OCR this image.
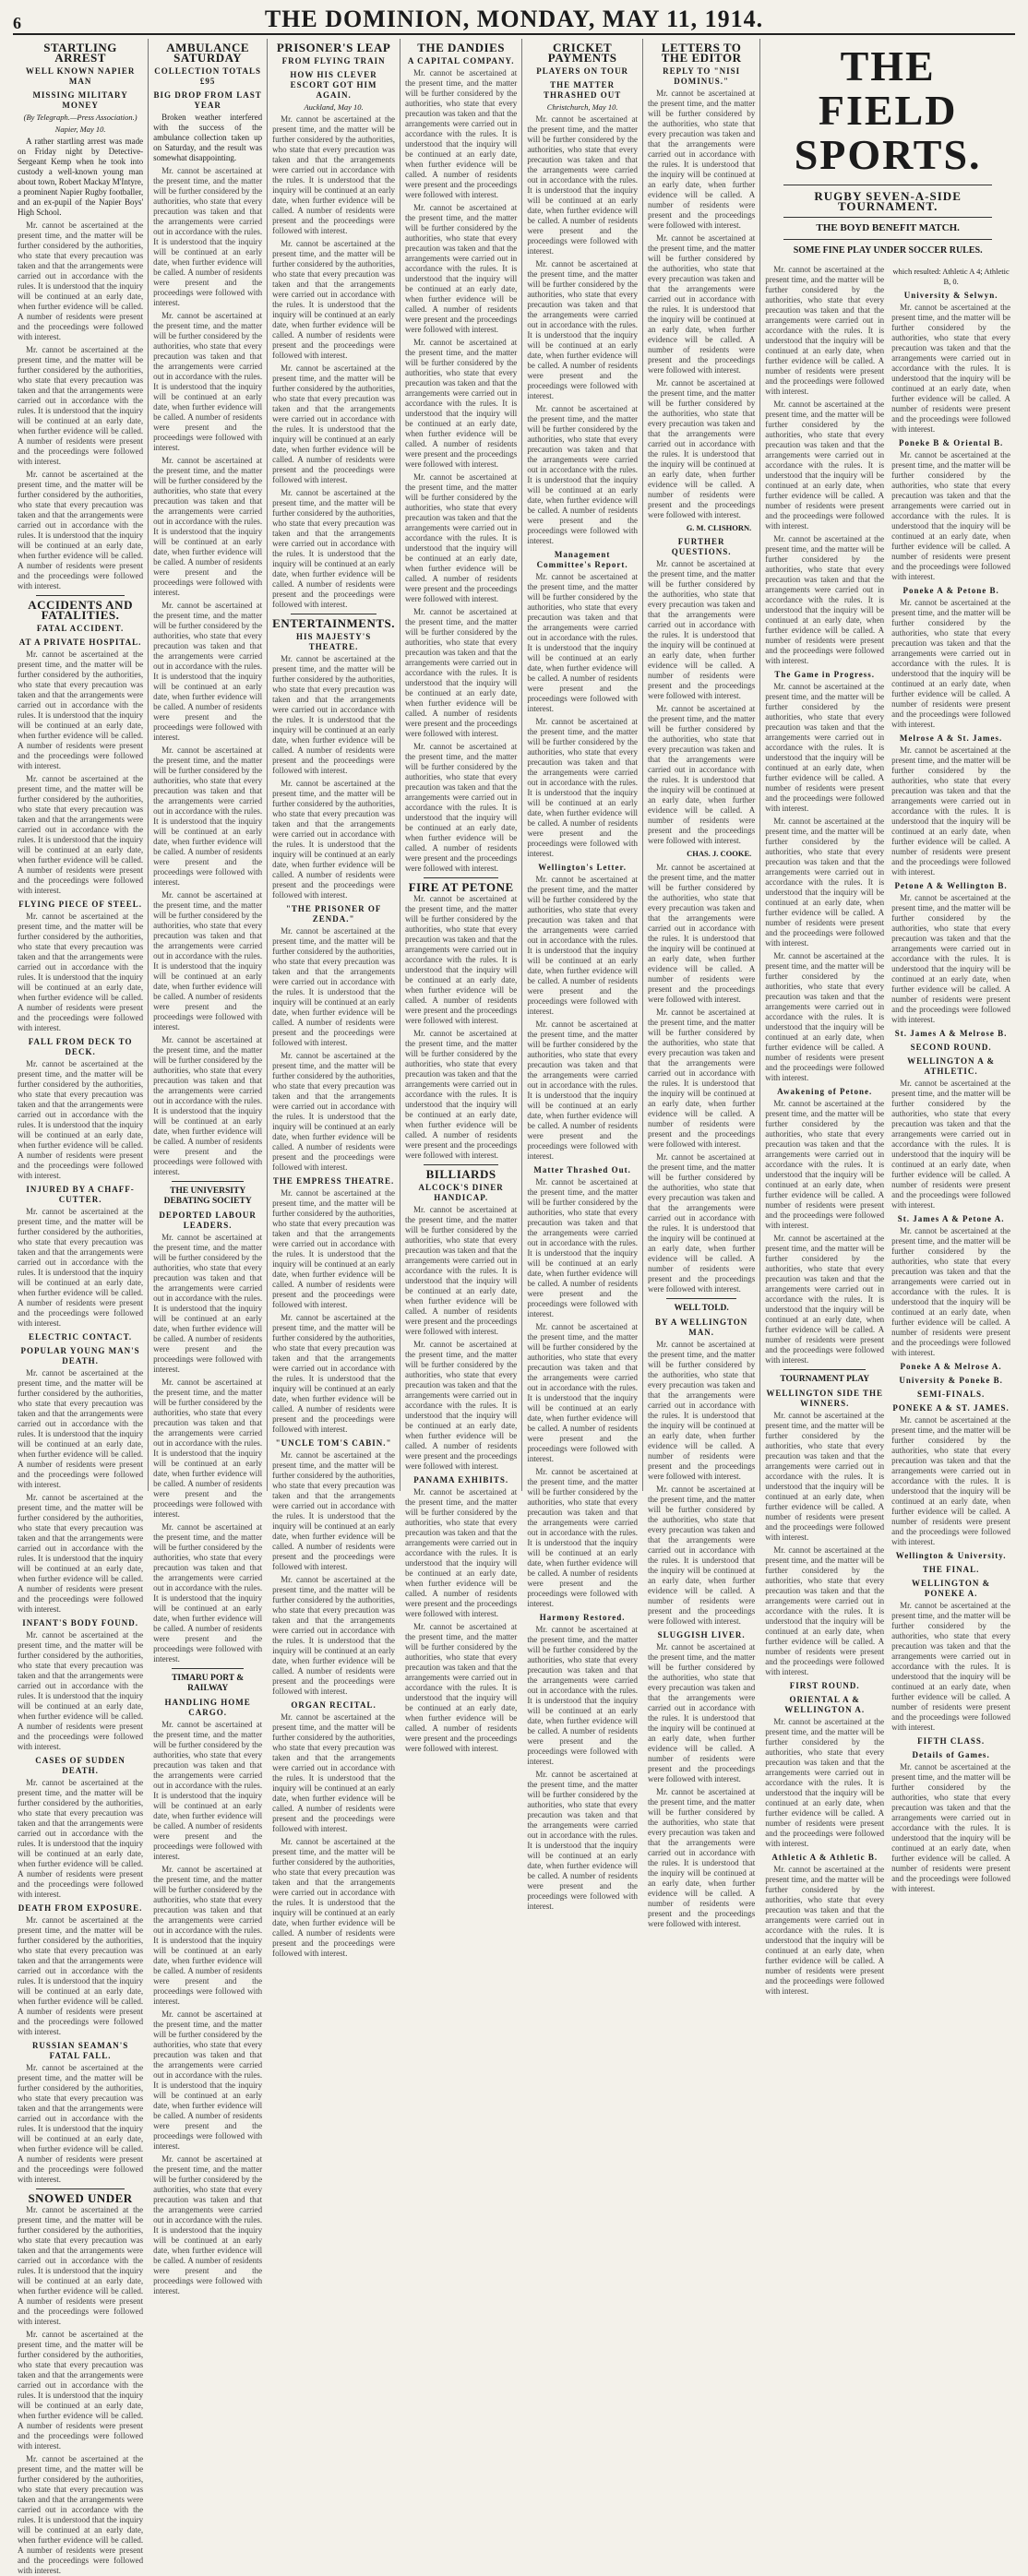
6	THE DOMINION, MONDAY, MAY 11, 1914.
STARTLING ARREST
WELL KNOWN NAPIER MAN
MISSING MILITARY MONEY
(By Telegraph.—Press Association.)
Napier, May 10.

A rather startling arrest was made on Friday night by Detective-Sergeant Kemp when he took into custody a well-known young man about town, Robert Mackay M'Intyre, a prominent Napier Rugby footballer, and an ex-pupil of the Napier Boys' High School.

Mr. cannot be ascertained at the present time, and the matter will be further considered by the authorities, who state that every precaution was taken and that the arrangements were carried out in accordance with the rules. It is understood that the inquiry will be continued at an early date, when further evidence will be called. A number of residents were present and the proceedings were followed with interest.

Mr. cannot be ascertained at the present time, and the matter will be further considered by the authorities, who state that every precaution was taken and that the arrangements were carried out in accordance with the rules. It is understood that the inquiry will be continued at an early date, when further evidence will be called. A number of residents were present and the proceedings were followed with interest.

Mr. cannot be ascertained at the present time, and the matter will be further considered by the authorities, who state that every precaution was taken and that the arrangements were carried out in accordance with the rules. It is understood that the inquiry will be continued at an early date, when further evidence will be called. A number of residents were present and the proceedings were followed with interest.

ACCIDENTS AND FATALITIES.
FATAL ACCIDENT.
AT A PRIVATE HOSPITAL.

Mr. cannot be ascertained at the present time, and the matter will be further considered by the authorities, who state that every precaution was taken and that the arrangements were carried out in accordance with the rules. It is understood that the inquiry will be continued at an early date, when further evidence will be called. A number of residents were present and the proceedings were followed with interest.

Mr. cannot be ascertained at the present time, and the matter will be further considered by the authorities, who state that every precaution was taken and that the arrangements were carried out in accordance with the rules. It is understood that the inquiry will be continued at an early date, when further evidence will be called. A number of residents were present and the proceedings were followed with interest.

FLYING PIECE OF STEEL.

Mr. cannot be ascertained at the present time, and the matter will be further considered by the authorities, who state that every precaution was taken and that the arrangements were carried out in accordance with the rules. It is understood that the inquiry will be continued at an early date, when further evidence will be called. A number of residents were present and the proceedings were followed with interest.

FALL FROM DECK TO DECK.

Mr. cannot be ascertained at the present time, and the matter will be further considered by the authorities, who state that every precaution was taken and that the arrangements were carried out in accordance with the rules. It is understood that the inquiry will be continued at an early date, when further evidence will be called. A number of residents were present and the proceedings were followed with interest.

INJURED BY A CHAFF-CUTTER.

Mr. cannot be ascertained at the present time, and the matter will be further considered by the authorities, who state that every precaution was taken and that the arrangements were carried out in accordance with the rules. It is understood that the inquiry will be continued at an early date, when further evidence will be called. A number of residents were present and the proceedings were followed with interest.

ELECTRIC CONTACT.
POPULAR YOUNG MAN'S DEATH.

Mr. cannot be ascertained at the present time, and the matter will be further considered by the authorities, who state that every precaution was taken and that the arrangements were carried out in accordance with the rules. It is understood that the inquiry will be continued at an early date, when further evidence will be called. A number of residents were present and the proceedings were followed with interest.

Mr. cannot be ascertained at the present time, and the matter will be further considered by the authorities, who state that every precaution was taken and that the arrangements were carried out in accordance with the rules. It is understood that the inquiry will be continued at an early date, when further evidence will be called. A number of residents were present and the proceedings were followed with interest.

INFANT'S BODY FOUND.

Mr. cannot be ascertained at the present time, and the matter will be further considered by the authorities, who state that every precaution was taken and that the arrangements were carried out in accordance with the rules. It is understood that the inquiry will be continued at an early date, when further evidence will be called. A number of residents were present and the proceedings were followed with interest.

CASES OF SUDDEN DEATH.

Mr. cannot be ascertained at the present time, and the matter will be further considered by the authorities, who state that every precaution was taken and that the arrangements were carried out in accordance with the rules. It is understood that the inquiry will be continued at an early date, when further evidence will be called. A number of residents were present and the proceedings were followed with interest.

DEATH FROM EXPOSURE.

Mr. cannot be ascertained at the present time, and the matter will be further considered by the authorities, who state that every precaution was taken and that the arrangements were carried out in accordance with the rules. It is understood that the inquiry will be continued at an early date, when further evidence will be called. A number of residents were present and the proceedings were followed with interest.

RUSSIAN SEAMAN'S FATAL FALL.

Mr. cannot be ascertained at the present time, and the matter will be further considered by the authorities, who state that every precaution was taken and that the arrangements were carried out in accordance with the rules. It is understood that the inquiry will be continued at an early date, when further evidence will be called. A number of residents were present and the proceedings were followed with interest.

SNOWED UNDER

Mr. cannot be ascertained at the present time, and the matter will be further considered by the authorities, who state that every precaution was taken and that the arrangements were carried out in accordance with the rules. It is understood that the inquiry will be continued at an early date, when further evidence will be called. A number of residents were present and the proceedings were followed with interest.

Mr. cannot be ascertained at the present time, and the matter will be further considered by the authorities, who state that every precaution was taken and that the arrangements were carried out in accordance with the rules. It is understood that the inquiry will be continued at an early date, when further evidence will be called. A number of residents were present and the proceedings were followed with interest.

Mr. cannot be ascertained at the present time, and the matter will be further considered by the authorities, who state that every precaution was taken and that the arrangements were carried out in accordance with the rules. It is understood that the inquiry will be continued at an early date, when further evidence will be called. A number of residents were present and the proceedings were followed with interest.

AMBULANCE SATURDAY
COLLECTION TOTALS £95
BIG DROP FROM LAST YEAR

Broken weather interfered with the success of the ambulance collection taken up on Saturday, and the result was somewhat disappointing.

Mr. cannot be ascertained at the present time, and the matter will be further considered by the authorities, who state that every precaution was taken and that the arrangements were carried out in accordance with the rules. It is understood that the inquiry will be continued at an early date, when further evidence will be called. A number of residents were present and the proceedings were followed with interest.

Mr. cannot be ascertained at the present time, and the matter will be further considered by the authorities, who state that every precaution was taken and that the arrangements were carried out in accordance with the rules. It is understood that the inquiry will be continued at an early date, when further evidence will be called. A number of residents were present and the proceedings were followed with interest.

Mr. cannot be ascertained at the present time, and the matter will be further considered by the authorities, who state that every precaution was taken and that the arrangements were carried out in accordance with the rules. It is understood that the inquiry will be continued at an early date, when further evidence will be called. A number of residents were present and the proceedings were followed with interest.

Mr. cannot be ascertained at the present time, and the matter will be further considered by the authorities, who state that every precaution was taken and that the arrangements were carried out in accordance with the rules. It is understood that the inquiry will be continued at an early date, when further evidence will be called. A number of residents were present and the proceedings were followed with interest.

Mr. cannot be ascertained at the present time, and the matter will be further considered by the authorities, who state that every precaution was taken and that the arrangements were carried out in accordance with the rules. It is understood that the inquiry will be continued at an early date, when further evidence will be called. A number of residents were present and the proceedings were followed with interest.

Mr. cannot be ascertained at the present time, and the matter will be further considered by the authorities, who state that every precaution was taken and that the arrangements were carried out in accordance with the rules. It is understood that the inquiry will be continued at an early date, when further evidence will be called. A number of residents were present and the proceedings were followed with interest.

Mr. cannot be ascertained at the present time, and the matter will be further considered by the authorities, who state that every precaution was taken and that the arrangements were carried out in accordance with the rules. It is understood that the inquiry will be continued at an early date, when further evidence will be called. A number of residents were present and the proceedings were followed with interest.

THE UNIVERSITY DEBATING SOCIETY
DEPORTED LABOUR LEADERS.

Mr. cannot be ascertained at the present time, and the matter will be further considered by the authorities, who state that every precaution was taken and that the arrangements were carried out in accordance with the rules. It is understood that the inquiry will be continued at an early date, when further evidence will be called. A number of residents were present and the proceedings were followed with interest.

Mr. cannot be ascertained at the present time, and the matter will be further considered by the authorities, who state that every precaution was taken and that the arrangements were carried out in accordance with the rules. It is understood that the inquiry will be continued at an early date, when further evidence will be called. A number of residents were present and the proceedings were followed with interest.

Mr. cannot be ascertained at the present time, and the matter will be further considered by the authorities, who state that every precaution was taken and that the arrangements were carried out in accordance with the rules. It is understood that the inquiry will be continued at an early date, when further evidence will be called. A number of residents were present and the proceedings were followed with interest.

TIMARU PORT & RAILWAY
HANDLING HOME CARGO.

Mr. cannot be ascertained at the present time, and the matter will be further considered by the authorities, who state that every precaution was taken and that the arrangements were carried out in accordance with the rules. It is understood that the inquiry will be continued at an early date, when further evidence will be called. A number of residents were present and the proceedings were followed with interest.

Mr. cannot be ascertained at the present time, and the matter will be further considered by the authorities, who state that every precaution was taken and that the arrangements were carried out in accordance with the rules. It is understood that the inquiry will be continued at an early date, when further evidence will be called. A number of residents were present and the proceedings were followed with interest.

Mr. cannot be ascertained at the present time, and the matter will be further considered by the authorities, who state that every precaution was taken and that the arrangements were carried out in accordance with the rules. It is understood that the inquiry will be continued at an early date, when further evidence will be called. A number of residents were present and the proceedings were followed with interest.

Mr. cannot be ascertained at the present time, and the matter will be further considered by the authorities, who state that every precaution was taken and that the arrangements were carried out in accordance with the rules. It is understood that the inquiry will be continued at an early date, when further evidence will be called. A number of residents were present and the proceedings were followed with interest.

PRISONER'S LEAP
FROM FLYING TRAIN
HOW HIS CLEVER ESCORT GOT HIM AGAIN.
Auckland, May 10.

Mr. cannot be ascertained at the present time, and the matter will be further considered by the authorities, who state that every precaution was taken and that the arrangements were carried out in accordance with the rules. It is understood that the inquiry will be continued at an early date, when further evidence will be called. A number of residents were present and the proceedings were followed with interest.

Mr. cannot be ascertained at the present time, and the matter will be further considered by the authorities, who state that every precaution was taken and that the arrangements were carried out in accordance with the rules. It is understood that the inquiry will be continued at an early date, when further evidence will be called. A number of residents were present and the proceedings were followed with interest.

Mr. cannot be ascertained at the present time, and the matter will be further considered by the authorities, who state that every precaution was taken and that the arrangements were carried out in accordance with the rules. It is understood that the inquiry will be continued at an early date, when further evidence will be called. A number of residents were present and the proceedings were followed with interest.

Mr. cannot be ascertained at the present time, and the matter will be further considered by the authorities, who state that every precaution was taken and that the arrangements were carried out in accordance with the rules. It is understood that the inquiry will be continued at an early date, when further evidence will be called. A number of residents were present and the proceedings were followed with interest.

ENTERTAINMENTS.
HIS MAJESTY'S THEATRE.

Mr. cannot be ascertained at the present time, and the matter will be further considered by the authorities, who state that every precaution was taken and that the arrangements were carried out in accordance with the rules. It is understood that the inquiry will be continued at an early date, when further evidence will be called. A number of residents were present and the proceedings were followed with interest.

Mr. cannot be ascertained at the present time, and the matter will be further considered by the authorities, who state that every precaution was taken and that the arrangements were carried out in accordance with the rules. It is understood that the inquiry will be continued at an early date, when further evidence will be called. A number of residents were present and the proceedings were followed with interest.

"THE PRISONER OF ZENDA."

Mr. cannot be ascertained at the present time, and the matter will be further considered by the authorities, who state that every precaution was taken and that the arrangements were carried out in accordance with the rules. It is understood that the inquiry will be continued at an early date, when further evidence will be called. A number of residents were present and the proceedings were followed with interest.

Mr. cannot be ascertained at the present time, and the matter will be further considered by the authorities, who state that every precaution was taken and that the arrangements were carried out in accordance with the rules. It is understood that the inquiry will be continued at an early date, when further evidence will be called. A number of residents were present and the proceedings were followed with interest.

THE EMPRESS THEATRE.

Mr. cannot be ascertained at the present time, and the matter will be further considered by the authorities, who state that every precaution was taken and that the arrangements were carried out in accordance with the rules. It is understood that the inquiry will be continued at an early date, when further evidence will be called. A number of residents were present and the proceedings were followed with interest.

Mr. cannot be ascertained at the present time, and the matter will be further considered by the authorities, who state that every precaution was taken and that the arrangements were carried out in accordance with the rules. It is understood that the inquiry will be continued at an early date, when further evidence will be called. A number of residents were present and the proceedings were followed with interest.

"UNCLE TOM'S CABIN."

Mr. cannot be ascertained at the present time, and the matter will be further considered by the authorities, who state that every precaution was taken and that the arrangements were carried out in accordance with the rules. It is understood that the inquiry will be continued at an early date, when further evidence will be called. A number of residents were present and the proceedings were followed with interest.

Mr. cannot be ascertained at the present time, and the matter will be further considered by the authorities, who state that every precaution was taken and that the arrangements were carried out in accordance with the rules. It is understood that the inquiry will be continued at an early date, when further evidence will be called. A number of residents were present and the proceedings were followed with interest.

ORGAN RECITAL.

Mr. cannot be ascertained at the present time, and the matter will be further considered by the authorities, who state that every precaution was taken and that the arrangements were carried out in accordance with the rules. It is understood that the inquiry will be continued at an early date, when further evidence will be called. A number of residents were present and the proceedings were followed with interest.

Mr. cannot be ascertained at the present time, and the matter will be further considered by the authorities, who state that every precaution was taken and that the arrangements were carried out in accordance with the rules. It is understood that the inquiry will be continued at an early date, when further evidence will be called. A number of residents were present and the proceedings were followed with interest.

THE DANDIES
A CAPITAL COMPANY.

Mr. cannot be ascertained at the present time, and the matter will be further considered by the authorities, who state that every precaution was taken and that the arrangements were carried out in accordance with the rules. It is understood that the inquiry will be continued at an early date, when further evidence will be called. A number of residents were present and the proceedings were followed with interest.

Mr. cannot be ascertained at the present time, and the matter will be further considered by the authorities, who state that every precaution was taken and that the arrangements were carried out in accordance with the rules. It is understood that the inquiry will be continued at an early date, when further evidence will be called. A number of residents were present and the proceedings were followed with interest.

Mr. cannot be ascertained at the present time, and the matter will be further considered by the authorities, who state that every precaution was taken and that the arrangements were carried out in accordance with the rules. It is understood that the inquiry will be continued at an early date, when further evidence will be called. A number of residents were present and the proceedings were followed with interest.

Mr. cannot be ascertained at the present time, and the matter will be further considered by the authorities, who state that every precaution was taken and that the arrangements were carried out in accordance with the rules. It is understood that the inquiry will be continued at an early date, when further evidence will be called. A number of residents were present and the proceedings were followed with interest.

Mr. cannot be ascertained at the present time, and the matter will be further considered by the authorities, who state that every precaution was taken and that the arrangements were carried out in accordance with the rules. It is understood that the inquiry will be continued at an early date, when further evidence will be called. A number of residents were present and the proceedings were followed with interest.

Mr. cannot be ascertained at the present time, and the matter will be further considered by the authorities, who state that every precaution was taken and that the arrangements were carried out in accordance with the rules. It is understood that the inquiry will be continued at an early date, when further evidence will be called. A number of residents were present and the proceedings were followed with interest.

FIRE AT PETONE

Mr. cannot be ascertained at the present time, and the matter will be further considered by the authorities, who state that every precaution was taken and that the arrangements were carried out in accordance with the rules. It is understood that the inquiry will be continued at an early date, when further evidence will be called. A number of residents were present and the proceedings were followed with interest.

Mr. cannot be ascertained at the present time, and the matter will be further considered by the authorities, who state that every precaution was taken and that the arrangements were carried out in accordance with the rules. It is understood that the inquiry will be continued at an early date, when further evidence will be called. A number of residents were present and the proceedings were followed with interest.

BILLIARDS
ALCOCK'S DINER HANDICAP.

Mr. cannot be ascertained at the present time, and the matter will be further considered by the authorities, who state that every precaution was taken and that the arrangements were carried out in accordance with the rules. It is understood that the inquiry will be continued at an early date, when further evidence will be called. A number of residents were present and the proceedings were followed with interest.

Mr. cannot be ascertained at the present time, and the matter will be further considered by the authorities, who state that every precaution was taken and that the arrangements were carried out in accordance with the rules. It is understood that the inquiry will be continued at an early date, when further evidence will be called. A number of residents were present and the proceedings were followed with interest.

PANAMA EXHIBITS.

Mr. cannot be ascertained at the present time, and the matter will be further considered by the authorities, who state that every precaution was taken and that the arrangements were carried out in accordance with the rules. It is understood that the inquiry will be continued at an early date, when further evidence will be called. A number of residents were present and the proceedings were followed with interest.

Mr. cannot be ascertained at the present time, and the matter will be further considered by the authorities, who state that every precaution was taken and that the arrangements were carried out in accordance with the rules. It is understood that the inquiry will be continued at an early date, when further evidence will be called. A number of residents were present and the proceedings were followed with interest.

CRICKET PAYMENTS
PLAYERS ON TOUR
THE MATTER THRASHED OUT
Christchurch, May 10.

Mr. cannot be ascertained at the present time, and the matter will be further considered by the authorities, who state that every precaution was taken and that the arrangements were carried out in accordance with the rules. It is understood that the inquiry will be continued at an early date, when further evidence will be called. A number of residents were present and the proceedings were followed with interest.

Mr. cannot be ascertained at the present time, and the matter will be further considered by the authorities, who state that every precaution was taken and that the arrangements were carried out in accordance with the rules. It is understood that the inquiry will be continued at an early date, when further evidence will be called. A number of residents were present and the proceedings were followed with interest.

Mr. cannot be ascertained at the present time, and the matter will be further considered by the authorities, who state that every precaution was taken and that the arrangements were carried out in accordance with the rules. It is understood that the inquiry will be continued at an early date, when further evidence will be called. A number of residents were present and the proceedings were followed with interest.

Management Committee's Report.

Mr. cannot be ascertained at the present time, and the matter will be further considered by the authorities, who state that every precaution was taken and that the arrangements were carried out in accordance with the rules. It is understood that the inquiry will be continued at an early date, when further evidence will be called. A number of residents were present and the proceedings were followed with interest.

Mr. cannot be ascertained at the present time, and the matter will be further considered by the authorities, who state that every precaution was taken and that the arrangements were carried out in accordance with the rules. It is understood that the inquiry will be continued at an early date, when further evidence will be called. A number of residents were present and the proceedings were followed with interest.

Wellington's Letter.

Mr. cannot be ascertained at the present time, and the matter will be further considered by the authorities, who state that every precaution was taken and that the arrangements were carried out in accordance with the rules. It is understood that the inquiry will be continued at an early date, when further evidence will be called. A number of residents were present and the proceedings were followed with interest.

Mr. cannot be ascertained at the present time, and the matter will be further considered by the authorities, who state that every precaution was taken and that the arrangements were carried out in accordance with the rules. It is understood that the inquiry will be continued at an early date, when further evidence will be called. A number of residents were present and the proceedings were followed with interest.

Matter Thrashed Out.

Mr. cannot be ascertained at the present time, and the matter will be further considered by the authorities, who state that every precaution was taken and that the arrangements were carried out in accordance with the rules. It is understood that the inquiry will be continued at an early date, when further evidence will be called. A number of residents were present and the proceedings were followed with interest.

Mr. cannot be ascertained at the present time, and the matter will be further considered by the authorities, who state that every precaution was taken and that the arrangements were carried out in accordance with the rules. It is understood that the inquiry will be continued at an early date, when further evidence will be called. A number of residents were present and the proceedings were followed with interest.

Mr. cannot be ascertained at the present time, and the matter will be further considered by the authorities, who state that every precaution was taken and that the arrangements were carried out in accordance with the rules. It is understood that the inquiry will be continued at an early date, when further evidence will be called. A number of residents were present and the proceedings were followed with interest.

Harmony Restored.

Mr. cannot be ascertained at the present time, and the matter will be further considered by the authorities, who state that every precaution was taken and that the arrangements were carried out in accordance with the rules. It is understood that the inquiry will be continued at an early date, when further evidence will be called. A number of residents were present and the proceedings were followed with interest.

Mr. cannot be ascertained at the present time, and the matter will be further considered by the authorities, who state that every precaution was taken and that the arrangements were carried out in accordance with the rules. It is understood that the inquiry will be continued at an early date, when further evidence will be called. A number of residents were present and the proceedings were followed with interest.

LETTERS TO THE EDITOR
REPLY TO "NISI DOMINUS."

Mr. cannot be ascertained at the present time, and the matter will be further considered by the authorities, who state that every precaution was taken and that the arrangements were carried out in accordance with the rules. It is understood that the inquiry will be continued at an early date, when further evidence will be called. A number of residents were present and the proceedings were followed with interest.

Mr. cannot be ascertained at the present time, and the matter will be further considered by the authorities, who state that every precaution was taken and that the arrangements were carried out in accordance with the rules. It is understood that the inquiry will be continued at an early date, when further evidence will be called. A number of residents were present and the proceedings were followed with interest.

Mr. cannot be ascertained at the present time, and the matter will be further considered by the authorities, who state that every precaution was taken and that the arrangements were carried out in accordance with the rules. It is understood that the inquiry will be continued at an early date, when further evidence will be called. A number of residents were present and the proceedings were followed with interest.

G. M. CLISHORN.
FURTHER QUESTIONS.

Mr. cannot be ascertained at the present time, and the matter will be further considered by the authorities, who state that every precaution was taken and that the arrangements were carried out in accordance with the rules. It is understood that the inquiry will be continued at an early date, when further evidence will be called. A number of residents were present and the proceedings were followed with interest.

Mr. cannot be ascertained at the present time, and the matter will be further considered by the authorities, who state that every precaution was taken and that the arrangements were carried out in accordance with the rules. It is understood that the inquiry will be continued at an early date, when further evidence will be called. A number of residents were present and the proceedings were followed with interest.

CHAS. J. COOKE.

Mr. cannot be ascertained at the present time, and the matter will be further considered by the authorities, who state that every precaution was taken and that the arrangements were carried out in accordance with the rules. It is understood that the inquiry will be continued at an early date, when further evidence will be called. A number of residents were present and the proceedings were followed with interest.

Mr. cannot be ascertained at the present time, and the matter will be further considered by the authorities, who state that every precaution was taken and that the arrangements were carried out in accordance with the rules. It is understood that the inquiry will be continued at an early date, when further evidence will be called. A number of residents were present and the proceedings were followed with interest.

Mr. cannot be ascertained at the present time, and the matter will be further considered by the authorities, who state that every precaution was taken and that the arrangements were carried out in accordance with the rules. It is understood that the inquiry will be continued at an early date, when further evidence will be called. A number of residents were present and the proceedings were followed with interest.

WELL TOLD.
BY A WELLINGTON MAN.

Mr. cannot be ascertained at the present time, and the matter will be further considered by the authorities, who state that every precaution was taken and that the arrangements were carried out in accordance with the rules. It is understood that the inquiry will be continued at an early date, when further evidence will be called. A number of residents were present and the proceedings were followed with interest.

Mr. cannot be ascertained at the present time, and the matter will be further considered by the authorities, who state that every precaution was taken and that the arrangements were carried out in accordance with the rules. It is understood that the inquiry will be continued at an early date, when further evidence will be called. A number of residents were present and the proceedings were followed with interest.

SLUGGISH LIVER.

Mr. cannot be ascertained at the present time, and the matter will be further considered by the authorities, who state that every precaution was taken and that the arrangements were carried out in accordance with the rules. It is understood that the inquiry will be continued at an early date, when further evidence will be called. A number of residents were present and the proceedings were followed with interest.

Mr. cannot be ascertained at the present time, and the matter will be further considered by the authorities, who state that every precaution was taken and that the arrangements were carried out in accordance with the rules. It is understood that the inquiry will be continued at an early date, when further evidence will be called. A number of residents were present and the proceedings were followed with interest.

THE FIELD SPORTS.
RUGBY SEVEN-A-SIDE TOURNAMENT.
THE BOYD BENEFIT MATCH.
SOME FINE PLAY UNDER SOCCER RULES.

Mr. cannot be ascertained at the present time, and the matter will be further considered by the authorities, who state that every precaution was taken and that the arrangements were carried out in accordance with the rules. It is understood that the inquiry will be continued at an early date, when further evidence will be called. A number of residents were present and the proceedings were followed with interest.

Mr. cannot be ascertained at the present time, and the matter will be further considered by the authorities, who state that every precaution was taken and that the arrangements were carried out in accordance with the rules. It is understood that the inquiry will be continued at an early date, when further evidence will be called. A number of residents were present and the proceedings were followed with interest.

Mr. cannot be ascertained at the present time, and the matter will be further considered by the authorities, who state that every precaution was taken and that the arrangements were carried out in accordance with the rules. It is understood that the inquiry will be continued at an early date, when further evidence will be called. A number of residents were present and the proceedings were followed with interest.

The Game in Progress.

Mr. cannot be ascertained at the present time, and the matter will be further considered by the authorities, who state that every precaution was taken and that the arrangements were carried out in accordance with the rules. It is understood that the inquiry will be continued at an early date, when further evidence will be called. A number of residents were present and the proceedings were followed with interest.

Mr. cannot be ascertained at the present time, and the matter will be further considered by the authorities, who state that every precaution was taken and that the arrangements were carried out in accordance with the rules. It is understood that the inquiry will be continued at an early date, when further evidence will be called. A number of residents were present and the proceedings were followed with interest.

Mr. cannot be ascertained at the present time, and the matter will be further considered by the authorities, who state that every precaution was taken and that the arrangements were carried out in accordance with the rules. It is understood that the inquiry will be continued at an early date, when further evidence will be called. A number of residents were present and the proceedings were followed with interest.

Awakening of Petone.

Mr. cannot be ascertained at the present time, and the matter will be further considered by the authorities, who state that every precaution was taken and that the arrangements were carried out in accordance with the rules. It is understood that the inquiry will be continued at an early date, when further evidence will be called. A number of residents were present and the proceedings were followed with interest.

Mr. cannot be ascertained at the present time, and the matter will be further considered by the authorities, who state that every precaution was taken and that the arrangements were carried out in accordance with the rules. It is understood that the inquiry will be continued at an early date, when further evidence will be called. A number of residents were present and the proceedings were followed with interest.

TOURNAMENT PLAY
WELLINGTON SIDE THE WINNERS.

Mr. cannot be ascertained at the present time, and the matter will be further considered by the authorities, who state that every precaution was taken and that the arrangements were carried out in accordance with the rules. It is understood that the inquiry will be continued at an early date, when further evidence will be called. A number of residents were present and the proceedings were followed with interest.

Mr. cannot be ascertained at the present time, and the matter will be further considered by the authorities, who state that every precaution was taken and that the arrangements were carried out in accordance with the rules. It is understood that the inquiry will be continued at an early date, when further evidence will be called. A number of residents were present and the proceedings were followed with interest.

FIRST ROUND.
ORIENTAL A & WELLINGTON A.

Mr. cannot be ascertained at the present time, and the matter will be further considered by the authorities, who state that every precaution was taken and that the arrangements were carried out in accordance with the rules. It is understood that the inquiry will be continued at an early date, when further evidence will be called. A number of residents were present and the proceedings were followed with interest.

Athletic A & Athletic B.

Mr. cannot be ascertained at the present time, and the matter will be further considered by the authorities, who state that every precaution was taken and that the arrangements were carried out in accordance with the rules. It is understood that the inquiry will be continued at an early date, when further evidence will be called. A number of residents were present and the proceedings were followed with interest.

which resulted: Athletic A 4; Athletic B, 0.
University & Selwyn.

Mr. cannot be ascertained at the present time, and the matter will be further considered by the authorities, who state that every precaution was taken and that the arrangements were carried out in accordance with the rules. It is understood that the inquiry will be continued at an early date, when further evidence will be called. A number of residents were present and the proceedings were followed with interest.

Poneke B & Oriental B.

Mr. cannot be ascertained at the present time, and the matter will be further considered by the authorities, who state that every precaution was taken and that the arrangements were carried out in accordance with the rules. It is understood that the inquiry will be continued at an early date, when further evidence will be called. A number of residents were present and the proceedings were followed with interest.

Poneke A & Petone B.

Mr. cannot be ascertained at the present time, and the matter will be further considered by the authorities, who state that every precaution was taken and that the arrangements were carried out in accordance with the rules. It is understood that the inquiry will be continued at an early date, when further evidence will be called. A number of residents were present and the proceedings were followed with interest.

Melrose A & St. James.

Mr. cannot be ascertained at the present time, and the matter will be further considered by the authorities, who state that every precaution was taken and that the arrangements were carried out in accordance with the rules. It is understood that the inquiry will be continued at an early date, when further evidence will be called. A number of residents were present and the proceedings were followed with interest.

Petone A & Wellington B.

Mr. cannot be ascertained at the present time, and the matter will be further considered by the authorities, who state that every precaution was taken and that the arrangements were carried out in accordance with the rules. It is understood that the inquiry will be continued at an early date, when further evidence will be called. A number of residents were present and the proceedings were followed with interest.

St. James A & Melrose B.
SECOND ROUND.
WELLINGTON A & ATHLETIC.

Mr. cannot be ascertained at the present time, and the matter will be further considered by the authorities, who state that every precaution was taken and that the arrangements were carried out in accordance with the rules. It is understood that the inquiry will be continued at an early date, when further evidence will be called. A number of residents were present and the proceedings were followed with interest.

St. James A & Petone A.

Mr. cannot be ascertained at the present time, and the matter will be further considered by the authorities, who state that every precaution was taken and that the arrangements were carried out in accordance with the rules. It is understood that the inquiry will be continued at an early date, when further evidence will be called. A number of residents were present and the proceedings were followed with interest.

Poneke A & Melrose A.
University & Poneke B.
SEMI-FINALS.
PONEKE A & ST. JAMES.

Mr. cannot be ascertained at the present time, and the matter will be further considered by the authorities, who state that every precaution was taken and that the arrangements were carried out in accordance with the rules. It is understood that the inquiry will be continued at an early date, when further evidence will be called. A number of residents were present and the proceedings were followed with interest.

Wellington & University.
THE FINAL.
WELLINGTON & PONEKE A.

Mr. cannot be ascertained at the present time, and the matter will be further considered by the authorities, who state that every precaution was taken and that the arrangements were carried out in accordance with the rules. It is understood that the inquiry will be continued at an early date, when further evidence will be called. A number of residents were present and the proceedings were followed with interest.

FIFTH CLASS.
Details of Games.

Mr. cannot be ascertained at the present time, and the matter will be further considered by the authorities, who state that every precaution was taken and that the arrangements were carried out in accordance with the rules. It is understood that the inquiry will be continued at an early date, when further evidence will be called. A number of residents were present and the proceedings were followed with interest.
